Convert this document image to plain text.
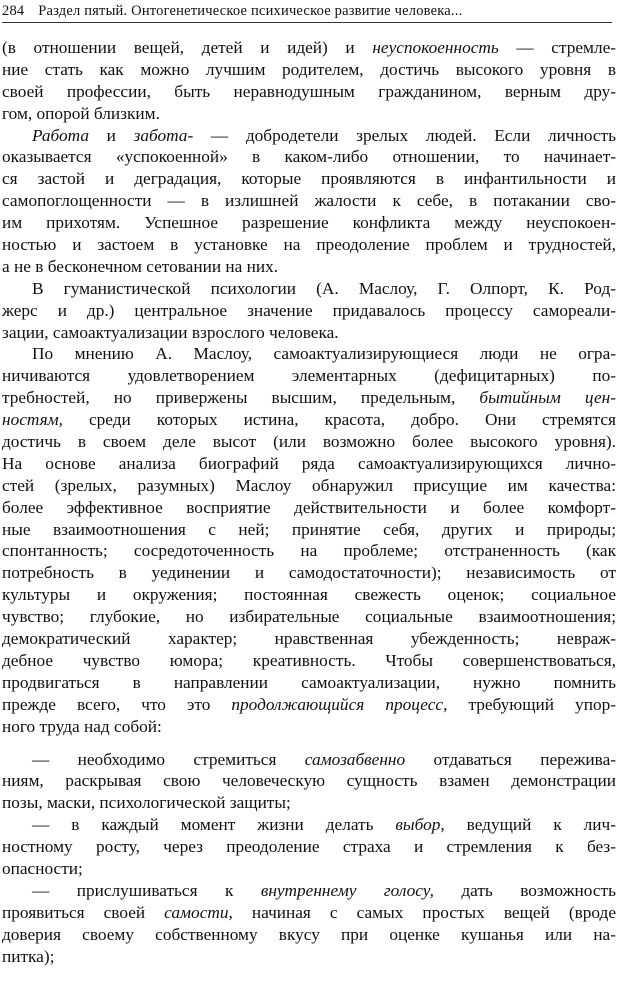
284 Раздел пятый. Онтогенетическое психическое развитие человека...
(в отношении вещей, детей и идей) и неуспокоенность — стремле-
ние стать как можно лучшим родителем, достичь высокого уровня в
своей профессии, быть неравнодушным гражданином, верным дру-
гом, опорой близким.
Работа и забота- — добродетели зрелых людей. Если личность
оказывается «успокоенной» в каком-либо отношении, то начинает-
ся застой и деградация, которые проявляются в инфантильности и
самопоглощенности — в излишней жалости к себе, в потакании сво-
им прихотям. Успешное разрешение конфликта между неуспокоен-
ностью и застоем в установке на преодоление проблем и трудностей,
а не в бесконечном сетовании на них.
В гуманистической психологии (А. Маслоу, Г. Олпорт, К. Род-
жерс и др.) центральное значение придавалось процессу самореали-
зации, самоактуализации взрослого человека.
По мнению А. Маслоу, самоактуализирующиеся люди не огра-
ничиваются удовлетворением элементарных (дефицитарных) по-
требностей, но привержены высшим, предельным, бытийным цен-
ностям, среди которых истина, красота, добро. Они стремятся
достичь в своем деле высот (или возможно более высокого уровня).
На основе анализа биографий ряда самоактуализирующихся лично-
стей (зрелых, разумных) Маслоу обнаружил присущие им качества:
более эффективное восприятие действительности и более комфорт-
ные взаимоотношения с ней; принятие себя, других и природы;
спонтанность; сосредоточенность на проблеме; отстраненность (как
потребность в уединении и самодостаточности); независимость от
культуры и окружения; постоянная свежесть оценок; социальное
чувство; глубокие, но избирательные социальные взаимоотношения;
демократический характер; нравственная убежденность; невраж-
дебное чувство юмора; креативность. Чтобы совершенствоваться,
продвигаться в направлении самоактуализации, нужно помнить
прежде всего, что это продолжающийся процесс, требующий упор-
ного труда над собой:
— необходимо стремиться самозабвенно отдаваться пережива-
ниям, раскрывая свою человеческую сущность взамен демонстрации
позы, маски, психологической защиты;
— в каждый момент жизни делать выбор, ведущий к лич-
ностному росту, через преодоление страха и стремления к без-
опасности;
— прислушиваться к внутреннему голосу, дать возможность
проявиться своей самости, начиная с самых простых вещей (вроде
доверия своему собственному вкусу при оценке кушанья или на-
питка);
